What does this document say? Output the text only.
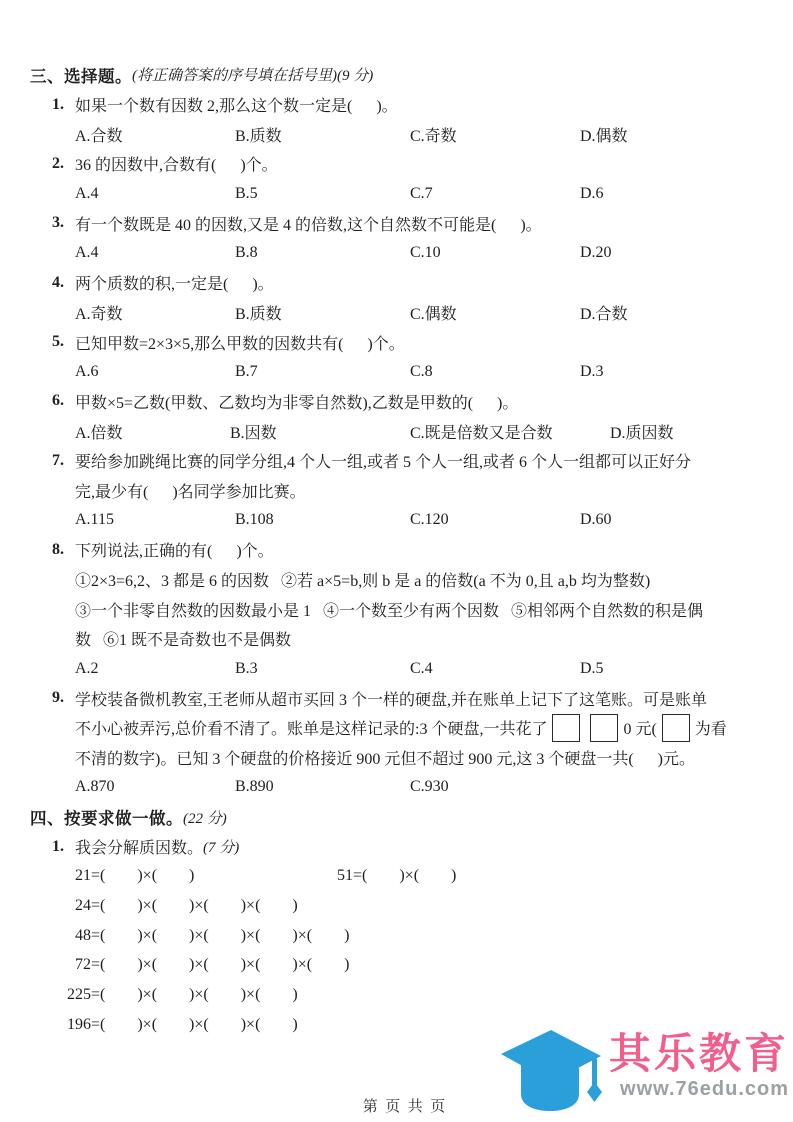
三、选择题。 (将正确答案的序号填在括号里)(9 分)
1. 如果一个数有因数 2,那么这个数一定是(      )。
A.合数	B.质数	C.奇数	D.偶数
2. 36 的因数中,合数有(      )个。
A.4	B.5	C.7	D.6
3. 有一个数既是 40 的因数,又是 4 的倍数,这个自然数不可能是(      )。
A.4	B.8	C.10	D.20
4. 两个质数的积,一定是(      )。
A.奇数	B.质数	C.偶数	D.合数
5. 已知甲数=2×3×5,那么甲数的因数共有(      )个。
A.6	B.7	C.8	D.3
6. 甲数×5=乙数(甲数、乙数均为非零自然数),乙数是甲数的(      )。
A.倍数	B.因数	C.既是倍数又是合数	D.质因数
7. 要给参加跳绳比赛的同学分组,4 个人一组,或者 5 个人一组,或者 6 个人一组都可以正好分
完,最少有(      )名同学参加比赛。
A.115	B.108	C.120	D.60
8. 下列说法,正确的有(      )个。
①2×3=6,2、3 都是 6 的因数   ②若 a×5=b,则 b 是 a 的倍数(a 不为 0,且 a,b 均为整数)
③一个非零自然数的因数最小是 1   ④一个数至少有两个因数   ⑤相邻两个自然数的积是偶
数   ⑥1 既不是奇数也不是偶数
A.2	B.3	C.4	D.5
9. 学校装备微机教室,王老师从超市买回 3 个一样的硬盘,并在账单上记下了这笔账。可是账单
不小心被弄污,总价看不清了。账单是这样记录的:3 个硬盘,一共花了	0 元( 为看
不清的数字)。已知 3 个硬盘的价格接近 900 元但不超过 900 元,这 3 个硬盘一共(      )元。
A.870	B.890	C.930
四、按要求做一做。 (22 分)
1. 我会分解质因数。 (7 分)
21=(        )×(        )	51=(        )×(        )
24=(        )×(        )×(        )×(        )
48=(        )×(        )×(        )×(        )×(        )
72=(        )×(        )×(        )×(        )×(        )
225=(        )×(        )×(        )×(        )
196=(        )×(        )×(        )×(        )

第  页  共  页

其乐教育
www.76edu.com
